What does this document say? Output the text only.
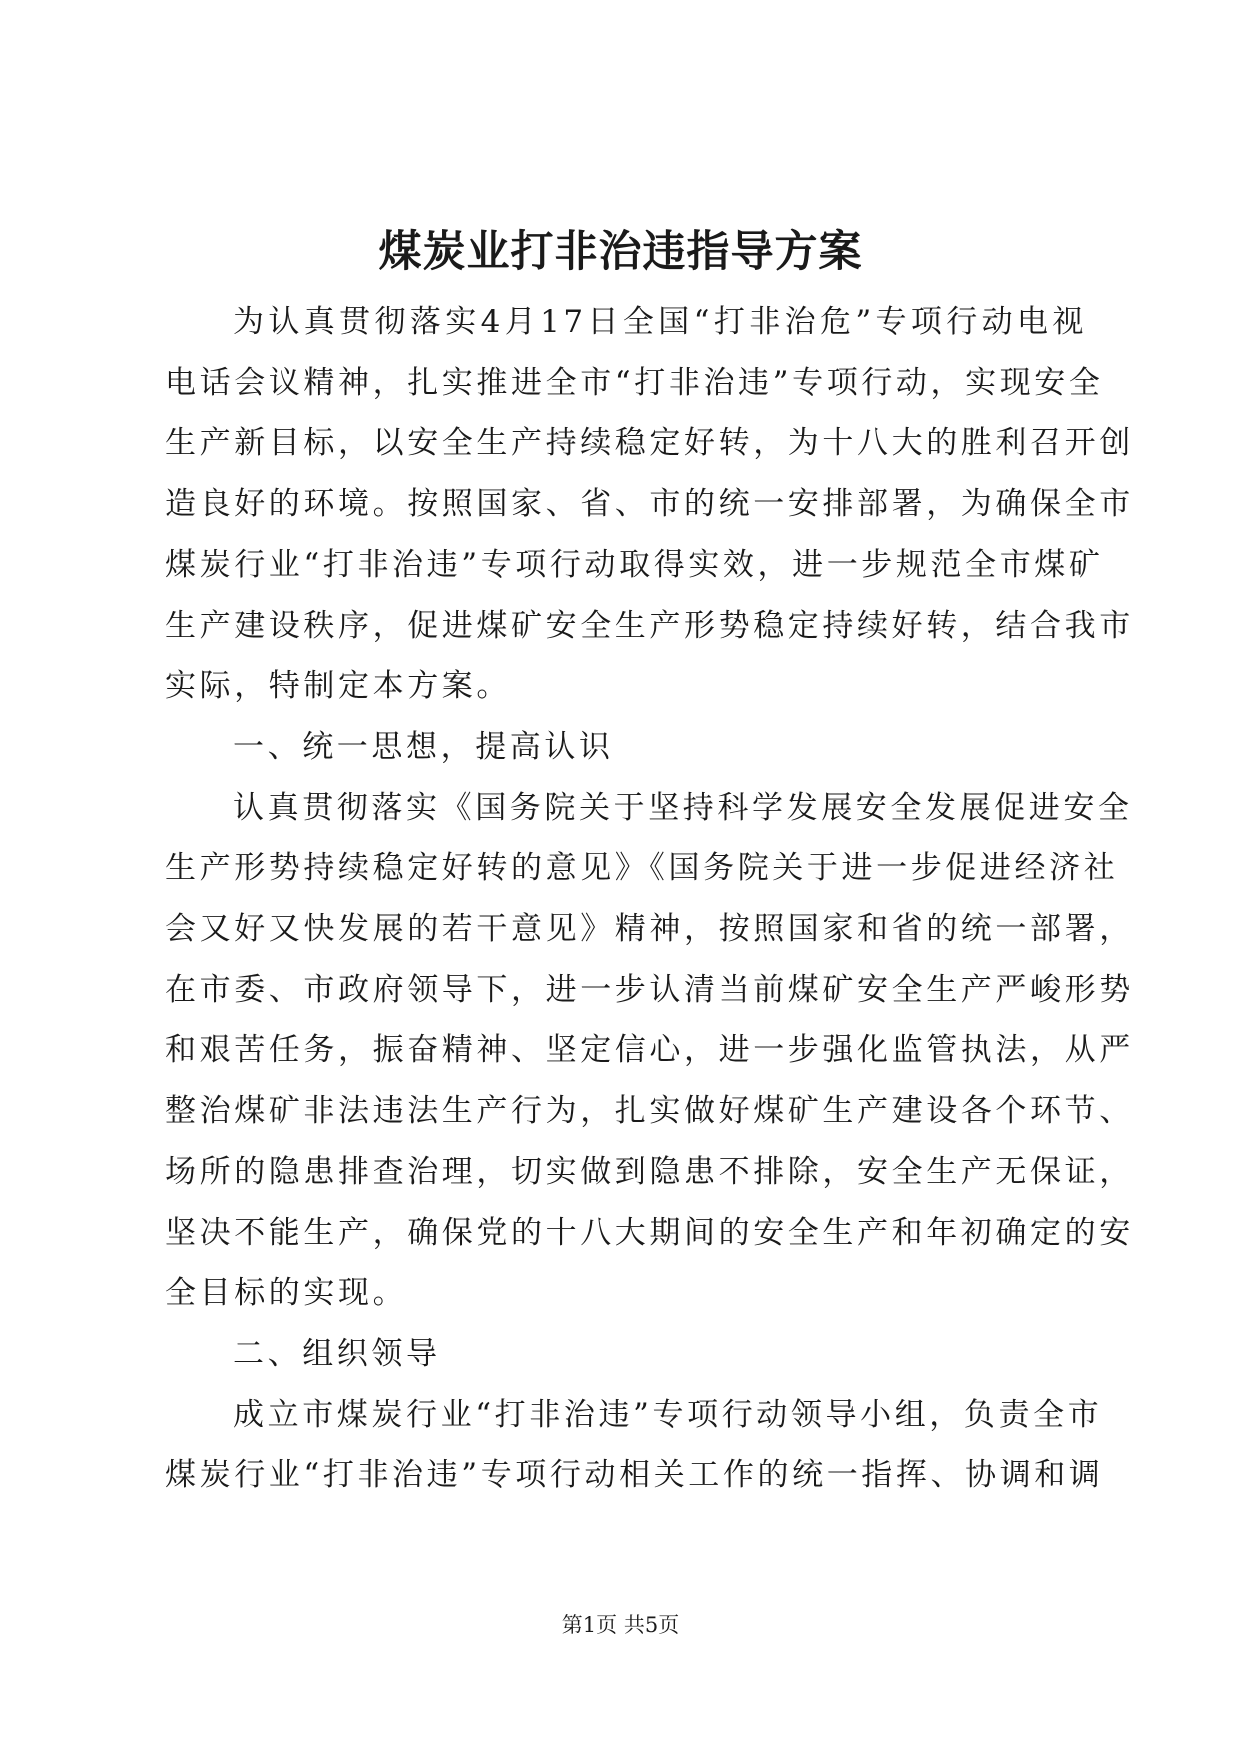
煤炭业打非治违指导方案

为认真贯彻落实4月17日全国“打非治危”专项行动电视
电话会议精神，扎实推进全市“打非治违”专项行动，实现安全
生产新目标，以安全生产持续稳定好转，为十八大的胜利召开创
造良好的环境。按照国家、省、市的统一安排部署，为确保全市
煤炭行业“打非治违”专项行动取得实效，进一步规范全市煤矿
生产建设秩序，促进煤矿安全生产形势稳定持续好转，结合我市
实际，特制定本方案。

一、统一思想，提高认识

认真贯彻落实《国务院关于坚持科学发展安全发展促进安全
生产形势持续稳定好转的意见》《国务院关于进一步促进经济社
会又好又快发展的若干意见》精神，按照国家和省的统一部署，
在市委、市政府领导下，进一步认清当前煤矿安全生产严峻形势
和艰苦任务，振奋精神、坚定信心，进一步强化监管执法，从严
整治煤矿非法违法生产行为，扎实做好煤矿生产建设各个环节、
场所的隐患排查治理，切实做到隐患不排除，安全生产无保证，
坚决不能生产，确保党的十八大期间的安全生产和年初确定的安
全目标的实现。

二、组织领导

成立市煤炭行业“打非治违”专项行动领导小组，负责全市
煤炭行业“打非治违”专项行动相关工作的统一指挥、协调和调

第1页 共5页
